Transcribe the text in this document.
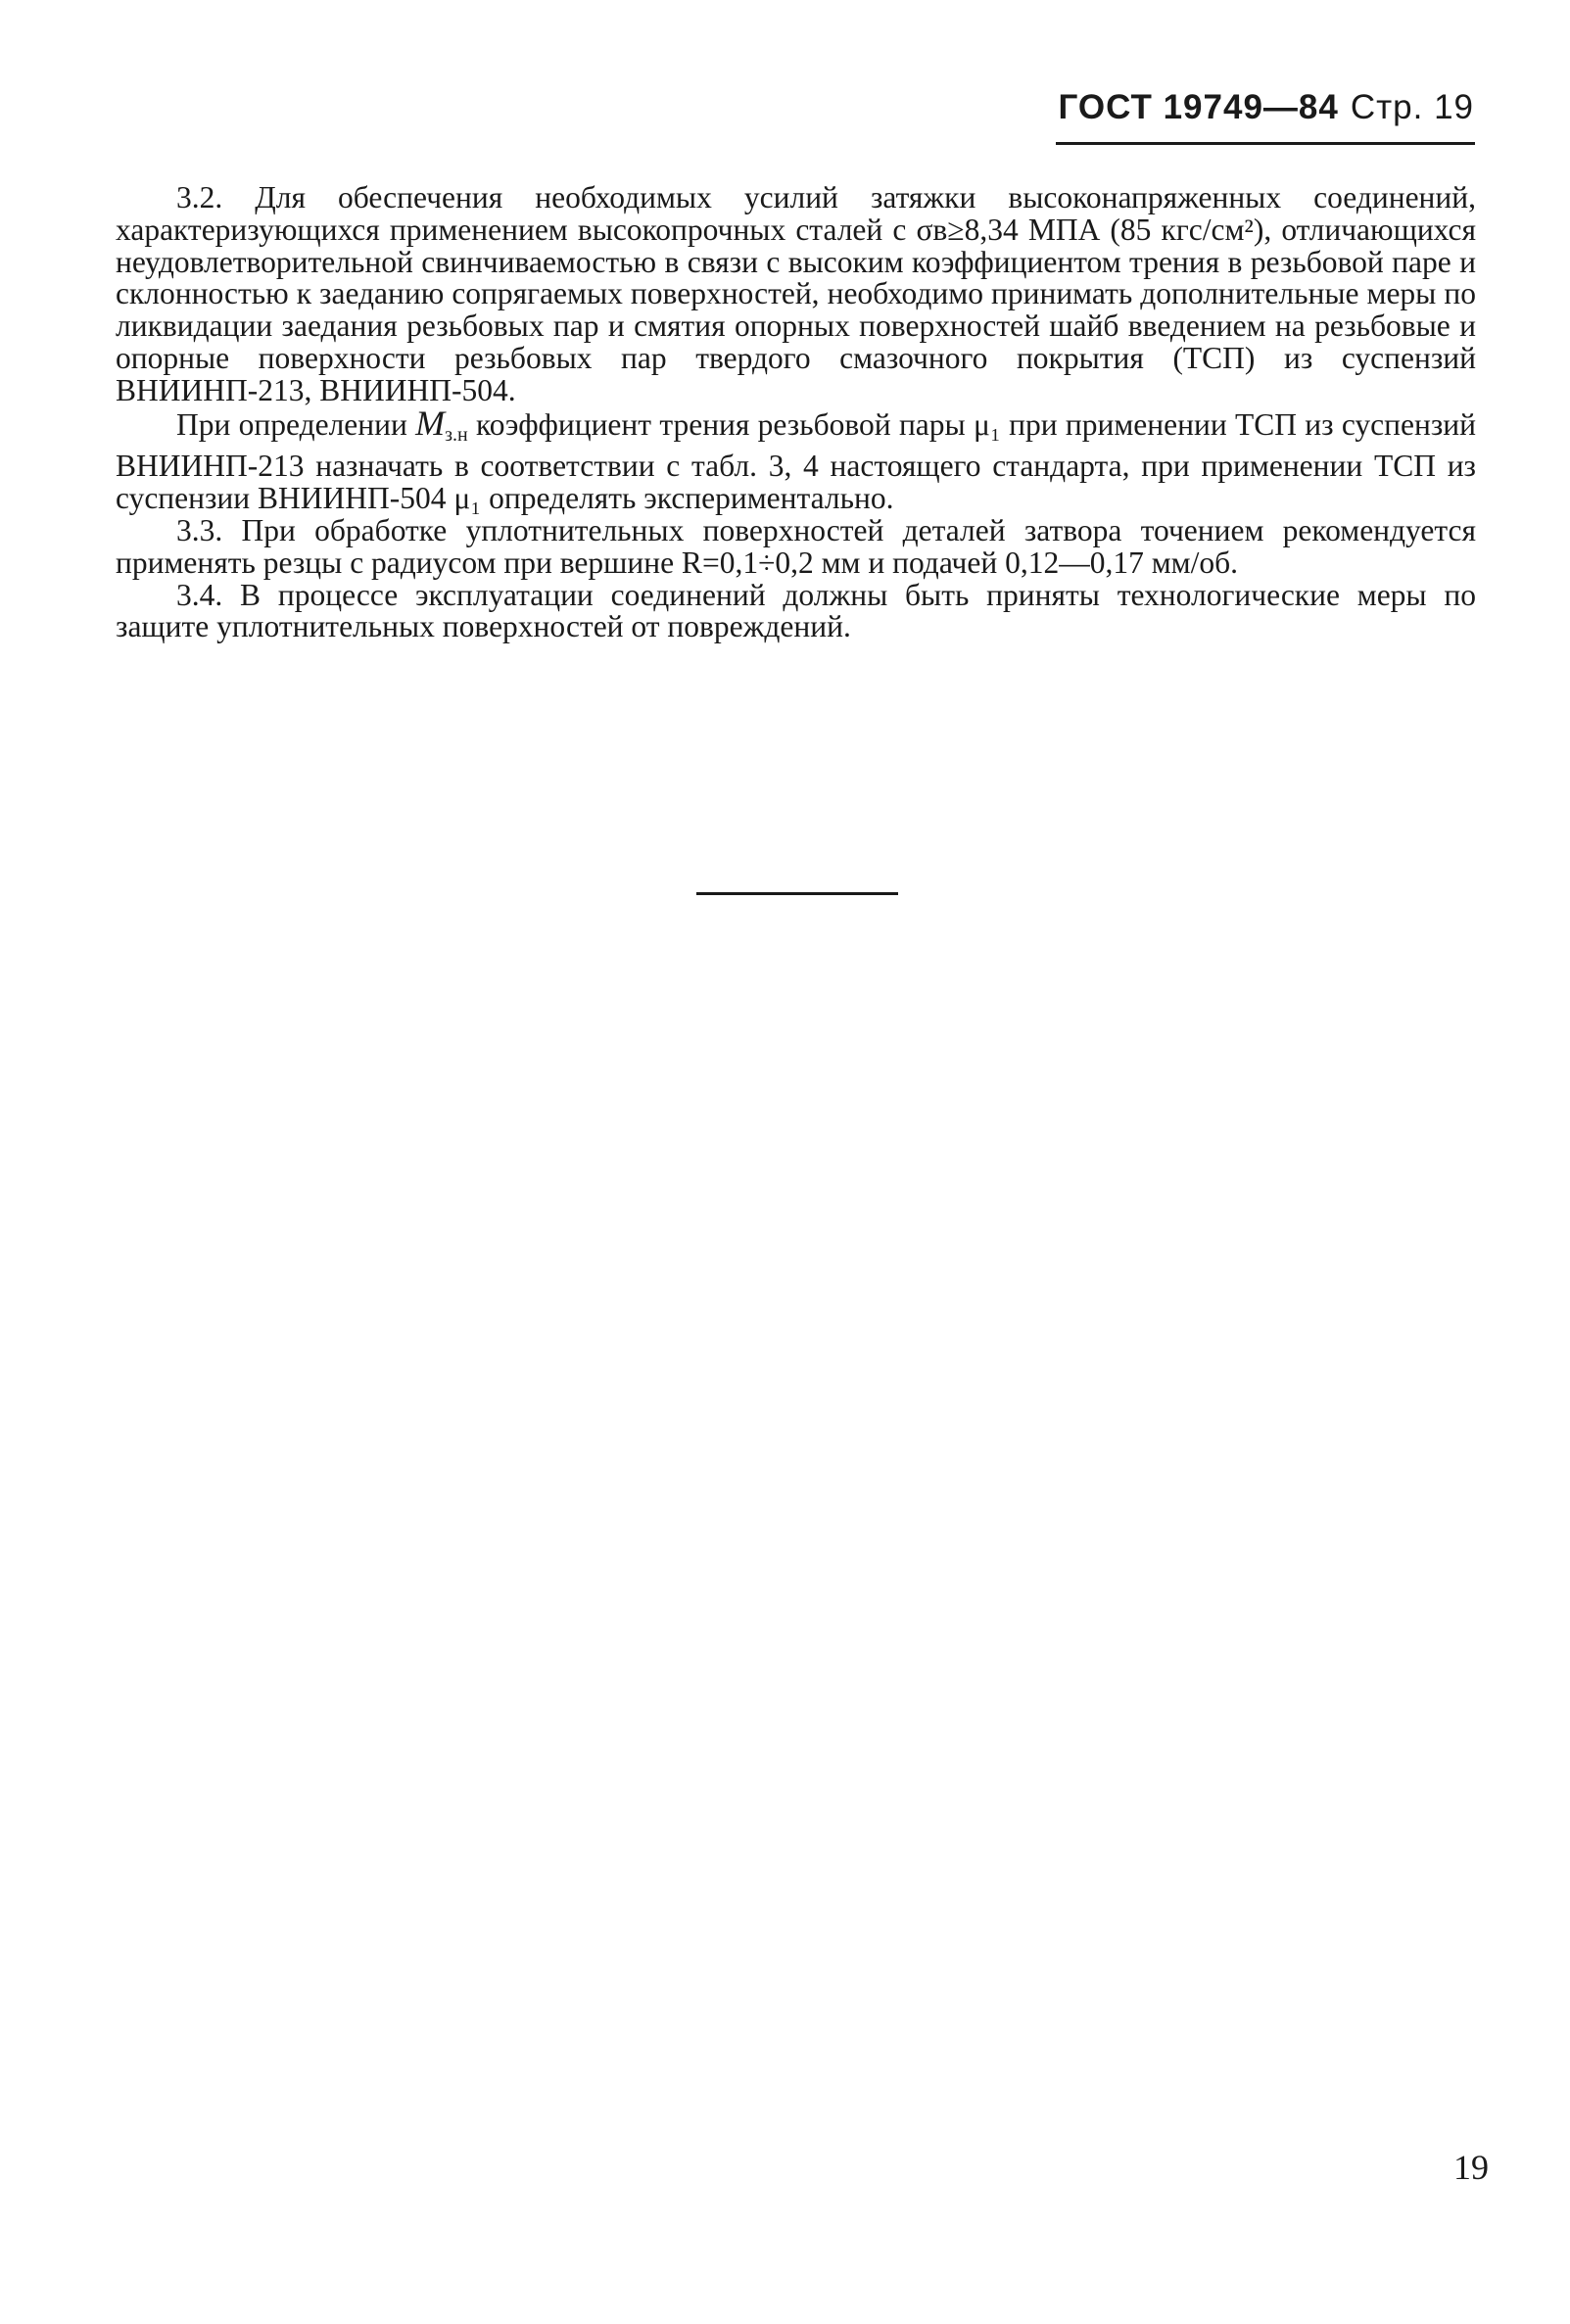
ГОСТ 19749—84 Стр. 19

3.2. Для обеспечения необходимых усилий затяжки высоконапряженных соединений, характеризующихся применением высокопрочных сталей с σв≥8,34 МПА (85 кгс/см²), отличающихся неудовлетворительной свинчиваемостью в связи с высоким коэффициентом трения в резьбовой паре и склонностью к заеданию сопрягаемых поверхностей, необходимо принимать дополнительные меры по ликвидации заедания резьбовых пар и смятия опорных поверхностей шайб введением на резьбовые и опорные поверхности резьбовых пар твердого смазочного покрытия (ТСП) из суспензий ВНИИНП-213, ВНИИНП-504.

При определении Mз.н коэффициент трения резьбовой пары μ₁ при применении ТСП из суспензий ВНИИНП-213 назначать в соответствии с табл. 3, 4 настоящего стандарта, при применении ТСП из суспензии ВНИИНП-504 μ₁ определять экспериментально.

3.3. При обработке уплотнительных поверхностей деталей затвора точением рекомендуется применять резцы с радиусом при вершине R=0,1÷0,2 мм и подачей 0,12—0,17 мм/об.

3.4. В процессе эксплуатации соединений должны быть приняты технологические меры по защите уплотнительных поверхностей от повреждений.

19
